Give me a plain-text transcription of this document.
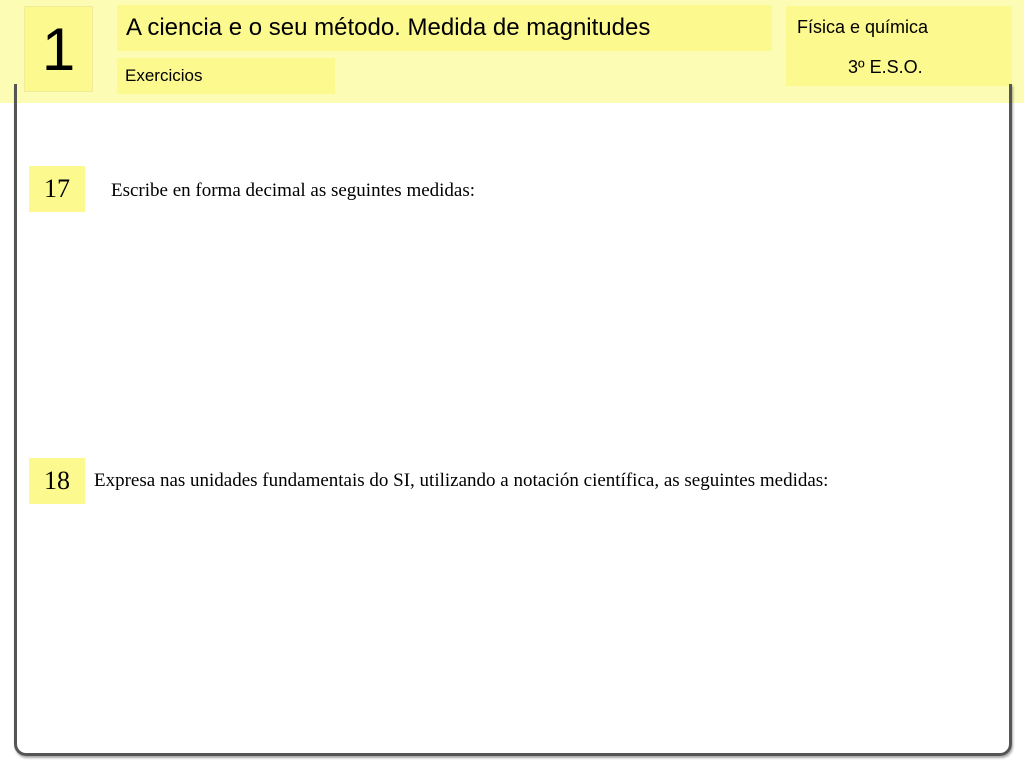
1	A ciencia e o seu método. Medida de magnitudes
Exercicios
Física e química
3º E.S.O.
17	Escribe en forma decimal as seguintes medidas:
18	Expresa nas unidades fundamentais do SI, utilizando a notación científica, as seguintes medidas:
